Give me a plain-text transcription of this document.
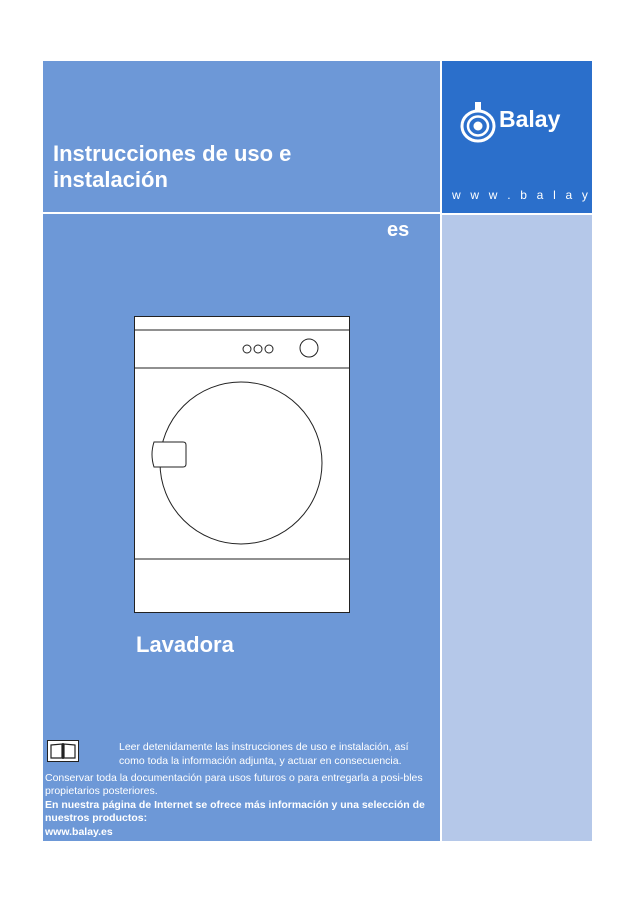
Instrucciones de uso e
instalación
es
Balay
w w w . b a l a y . es
Lavadora
Leer detenidamente las instrucciones de uso e instalación, así como toda la información adjunta, y actuar en consecuencia.
Conservar toda la documentación para usos futuros o para entregarla a posi-bles propietarios posteriores.
En nuestra página de Internet se ofrece más información y una selección de nuestros productos:
www.balay.es
